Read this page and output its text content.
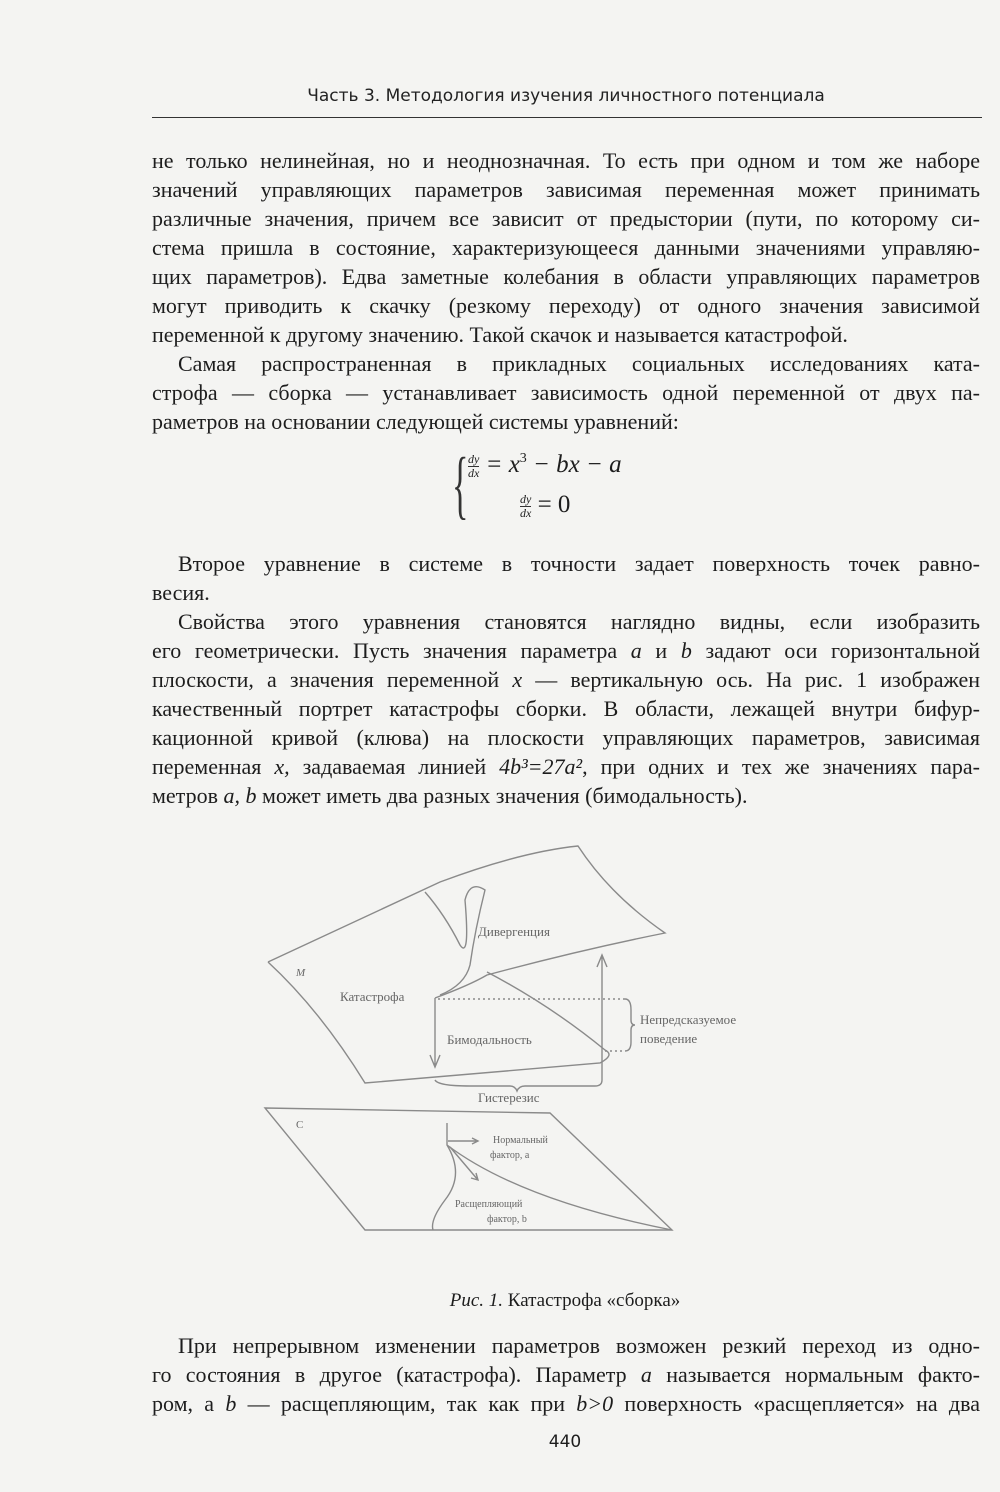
Часть 3. Методология изучения личностного потенциала
не только нелинейная, но и неоднозначная. То есть при одном и том же наборе
значений управляющих параметров зависимая переменная может принимать
различные значения, причем все зависит от предыстории (пути, по которому си-
стема пришла в состояние, характеризующееся данными значениями управляю-
щих параметров). Едва заметные колебания в области управляющих параметров
могут приводить к скачку (резкому переходу) от одного значения зависимой
переменной к другому значению. Такой скачок и называется катастрофой.
Самая распространенная в прикладных социальных исследованиях ката-
строфа — сборка — устанавливает зависимость одной переменной от двух па-
раметров на основании следующей системы уравнений:
{ $\frac{dy}{dx} = x^3$ − bx − a
$\frac{dy}{dx} = 0$
Второе уравнение в системе в точности задает поверхность точек равно-
весия.
Свойства этого уравнения становятся наглядно видны, если изобразить
его геометрически. Пусть значения параметра a и b задают оси горизонтальной
плоскости, а значения переменной x — вертикальную ось. На рис. 1 изображен
качественный портрет катастрофы сборки. В области, лежащей внутри бифур-
кационной кривой (клюва) на плоскости управляющих параметров, зависимая
переменная x, задаваемая линией 4b³=27a², при одних и тех же значениях пара-
метров a, b может иметь два разных значения (бимодальность).
Дивергенция
Катастрофа
Бимодальность
Непредсказуемое
поведение
Гистерезис
M
C
Нормальный
фактор, a
Расщепляющий
фактор, b
Рис. 1. Катастрофа «сборка»
При непрерывном изменении параметров возможен резкий переход из одно-
го состояния в другое (катастрофа). Параметр a называется нормальным факто-
ром, а b — расщепляющим, так как при b>0 поверхность «расщепляется» на два
440
